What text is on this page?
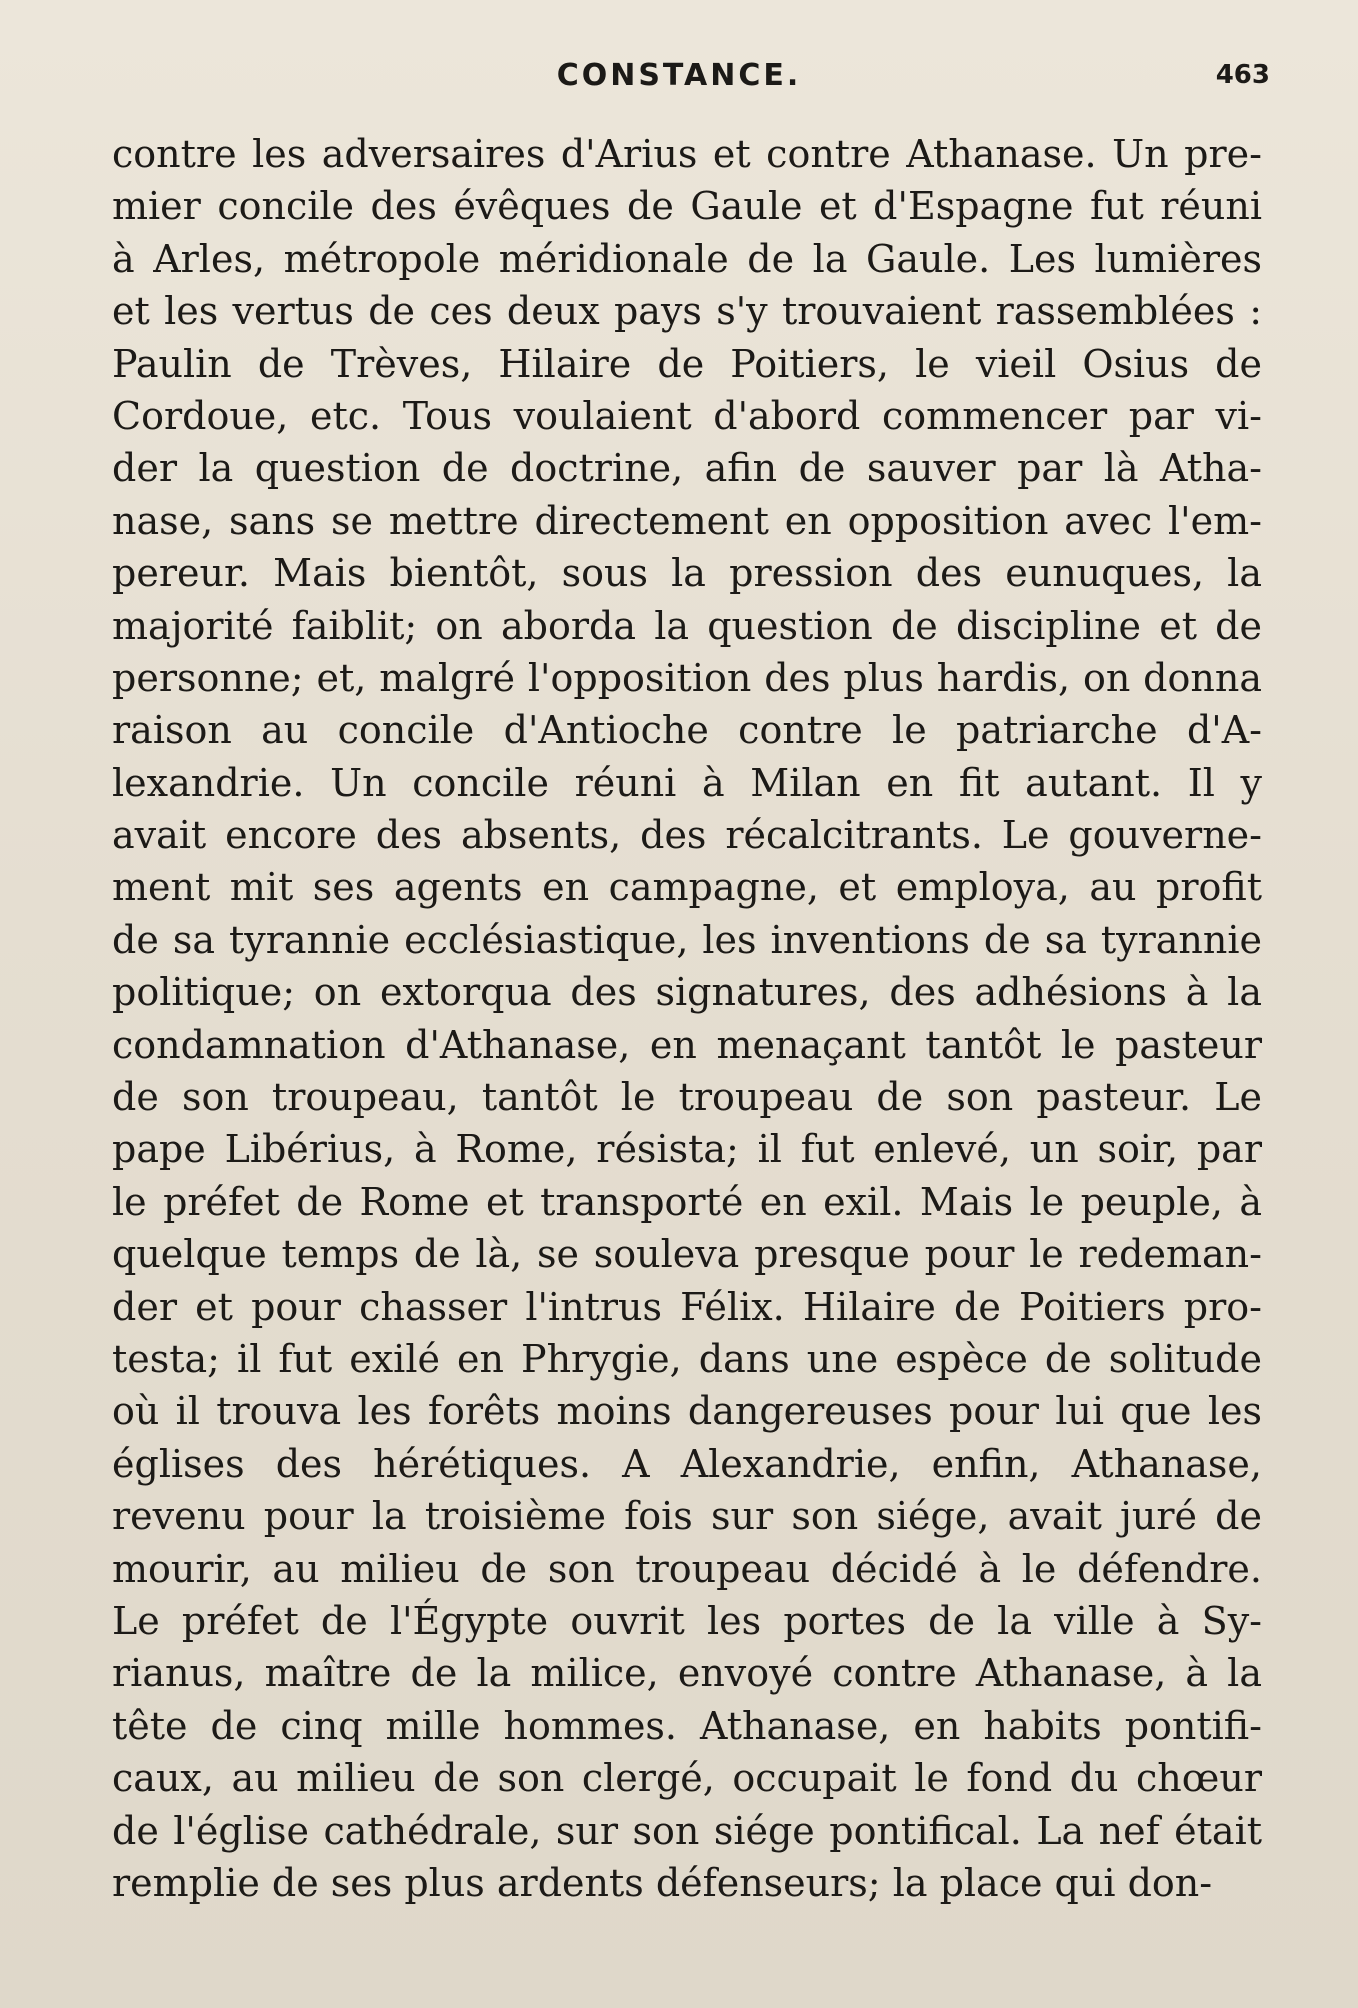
CONSTANCE.	463
contre les adversaires d'Arius et contre Athanase. Un pre-
mier concile des évêques de Gaule et d'Espagne fut réuni
à Arles, métropole méridionale de la Gaule. Les lumières
et les vertus de ces deux pays s'y trouvaient rassemblées :
Paulin de Trèves, Hilaire de Poitiers, le vieil Osius de
Cordoue, etc. Tous voulaient d'abord commencer par vi-
der la question de doctrine, afin de sauver par là Atha-
nase, sans se mettre directement en opposition avec l'em-
pereur. Mais bientôt, sous la pression des eunuques, la
majorité faiblit; on aborda la question de discipline et de
personne; et, malgré l'opposition des plus hardis, on donna
raison au concile d'Antioche contre le patriarche d'A-
lexandrie. Un concile réuni à Milan en fit autant. Il y
avait encore des absents, des récalcitrants. Le gouverne-
ment mit ses agents en campagne, et employa, au profit
de sa tyrannie ecclésiastique, les inventions de sa tyrannie
politique; on extorqua des signatures, des adhésions à la
condamnation d'Athanase, en menaçant tantôt le pasteur
de son troupeau, tantôt le troupeau de son pasteur. Le
pape Libérius, à Rome, résista; il fut enlevé, un soir, par
le préfet de Rome et transporté en exil. Mais le peuple, à
quelque temps de là, se souleva presque pour le redeman-
der et pour chasser l'intrus Félix. Hilaire de Poitiers pro-
testa; il fut exilé en Phrygie, dans une espèce de solitude
où il trouva les forêts moins dangereuses pour lui que les
églises des hérétiques. A Alexandrie, enfin, Athanase,
revenu pour la troisième fois sur son siége, avait juré de
mourir, au milieu de son troupeau décidé à le défendre.
Le préfet de l'Égypte ouvrit les portes de la ville à Sy-
rianus, maître de la milice, envoyé contre Athanase, à la
tête de cinq mille hommes. Athanase, en habits pontifi-
caux, au milieu de son clergé, occupait le fond du chœur
de l'église cathédrale, sur son siége pontifical. La nef était
remplie de ses plus ardents défenseurs; la place qui don-
